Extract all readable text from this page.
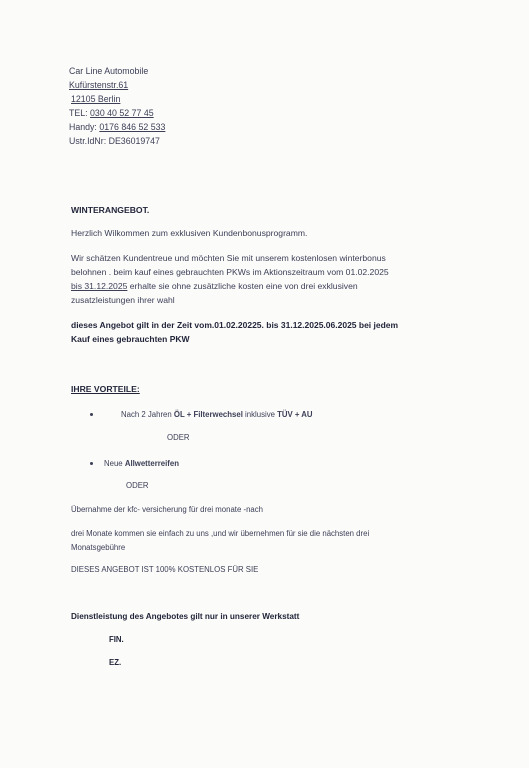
Car Line Automobile
Kufürstenstr.61
12105 Berlin
TEL: 030 40 52 77 45
Handy: 0176 846 52 533
Ustr.IdNr: DE36019747
WINTERANGEBOT.
Herzlich Wilkommen zum exklusiven Kundenbonusprogramm.
Wir schätzen Kundentreue und möchten Sie mit unserem kostenlosen winterbonus
belohnen . beim kauf eines gebrauchten PKWs im Aktionszeitraum vom 01.02.2025
bis 31.12.2025 erhalte sie ohne zusätzliche kosten eine von drei exklusiven
zusatzleistungen ihrer wahl
dieses Angebot gilt in der Zeit vom.01.02.20225. bis 31.12.2025.06.2025 bei jedem
Kauf eines gebrauchten PKW
IHRE VORTEILE:
Nach 2 Jahren ÖL + Filterwechsel inklusive TÜV + AU
ODER
Neue Allwetterreifen
ODER
Übernahme der kfc- versicherung für drei monate -nach
drei Monate kommen sie einfach zu uns ,und wir übernehmen für sie die nächsten drei
Monatsgebühre
DIESES ANGEBOT IST 100% KOSTENLOS FÜR SIE
Dienstleistung des Angebotes gilt nur in unserer Werkstatt
FIN.
EZ.
